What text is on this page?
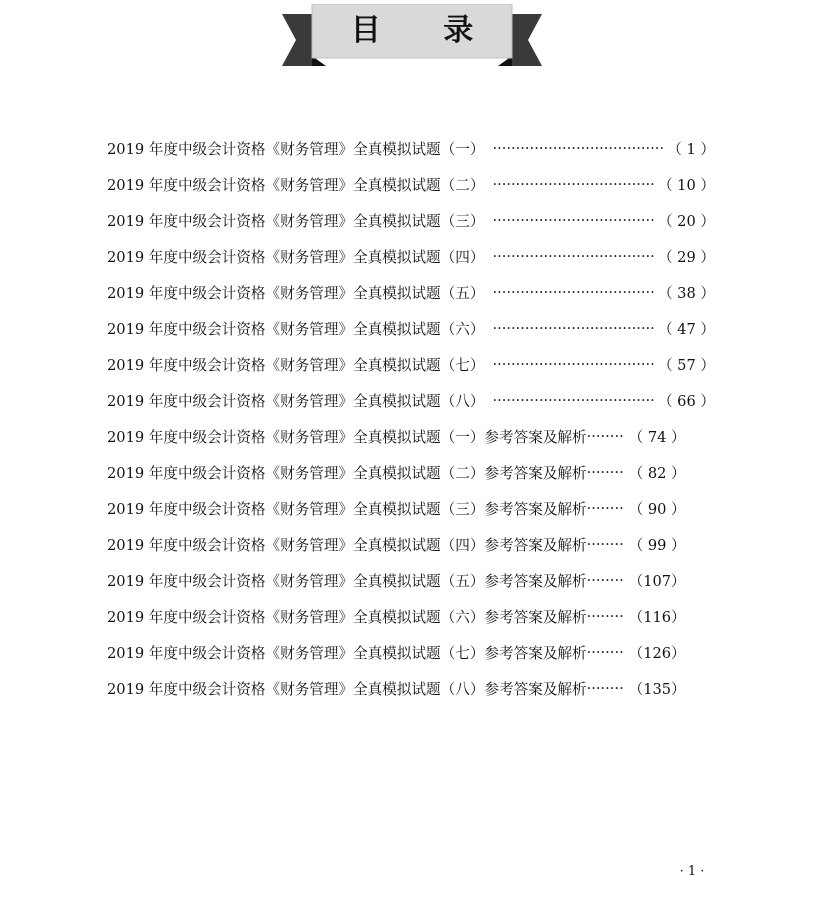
目 录
2019 年度中级会计资格《财务管理》全真模拟试题（一） ·····	（ 1 ）
2019 年度中级会计资格《财务管理》全真模拟试题（二） ·····	（ 10 ）
2019 年度中级会计资格《财务管理》全真模拟试题（三） ·····	（ 20 ）
2019 年度中级会计资格《财务管理》全真模拟试题（四） ·····	（ 29 ）
2019 年度中级会计资格《财务管理》全真模拟试题（五） ·····	（ 38 ）
2019 年度中级会计资格《财务管理》全真模拟试题（六） ·····	（ 47 ）
2019 年度中级会计资格《财务管理》全真模拟试题（七） ·····	（ 57 ）
2019 年度中级会计资格《财务管理》全真模拟试题（八） ·····	（ 66 ）
2019 年度中级会计资格《财务管理》全真模拟试题（一）参考答案及解析 ·····	（ 74 ）
2019 年度中级会计资格《财务管理》全真模拟试题（二）参考答案及解析 ·····	（ 82 ）
2019 年度中级会计资格《财务管理》全真模拟试题（三）参考答案及解析 ·····	（ 90 ）
2019 年度中级会计资格《财务管理》全真模拟试题（四）参考答案及解析 ·····	（ 99 ）
2019 年度中级会计资格《财务管理》全真模拟试题（五）参考答案及解析 ·····	（107）
2019 年度中级会计资格《财务管理》全真模拟试题（六）参考答案及解析 ·····	（116）
2019 年度中级会计资格《财务管理》全真模拟试题（七）参考答案及解析 ·····	（126）
2019 年度中级会计资格《财务管理》全真模拟试题（八）参考答案及解析 ·····	（135）
· 1 ·
